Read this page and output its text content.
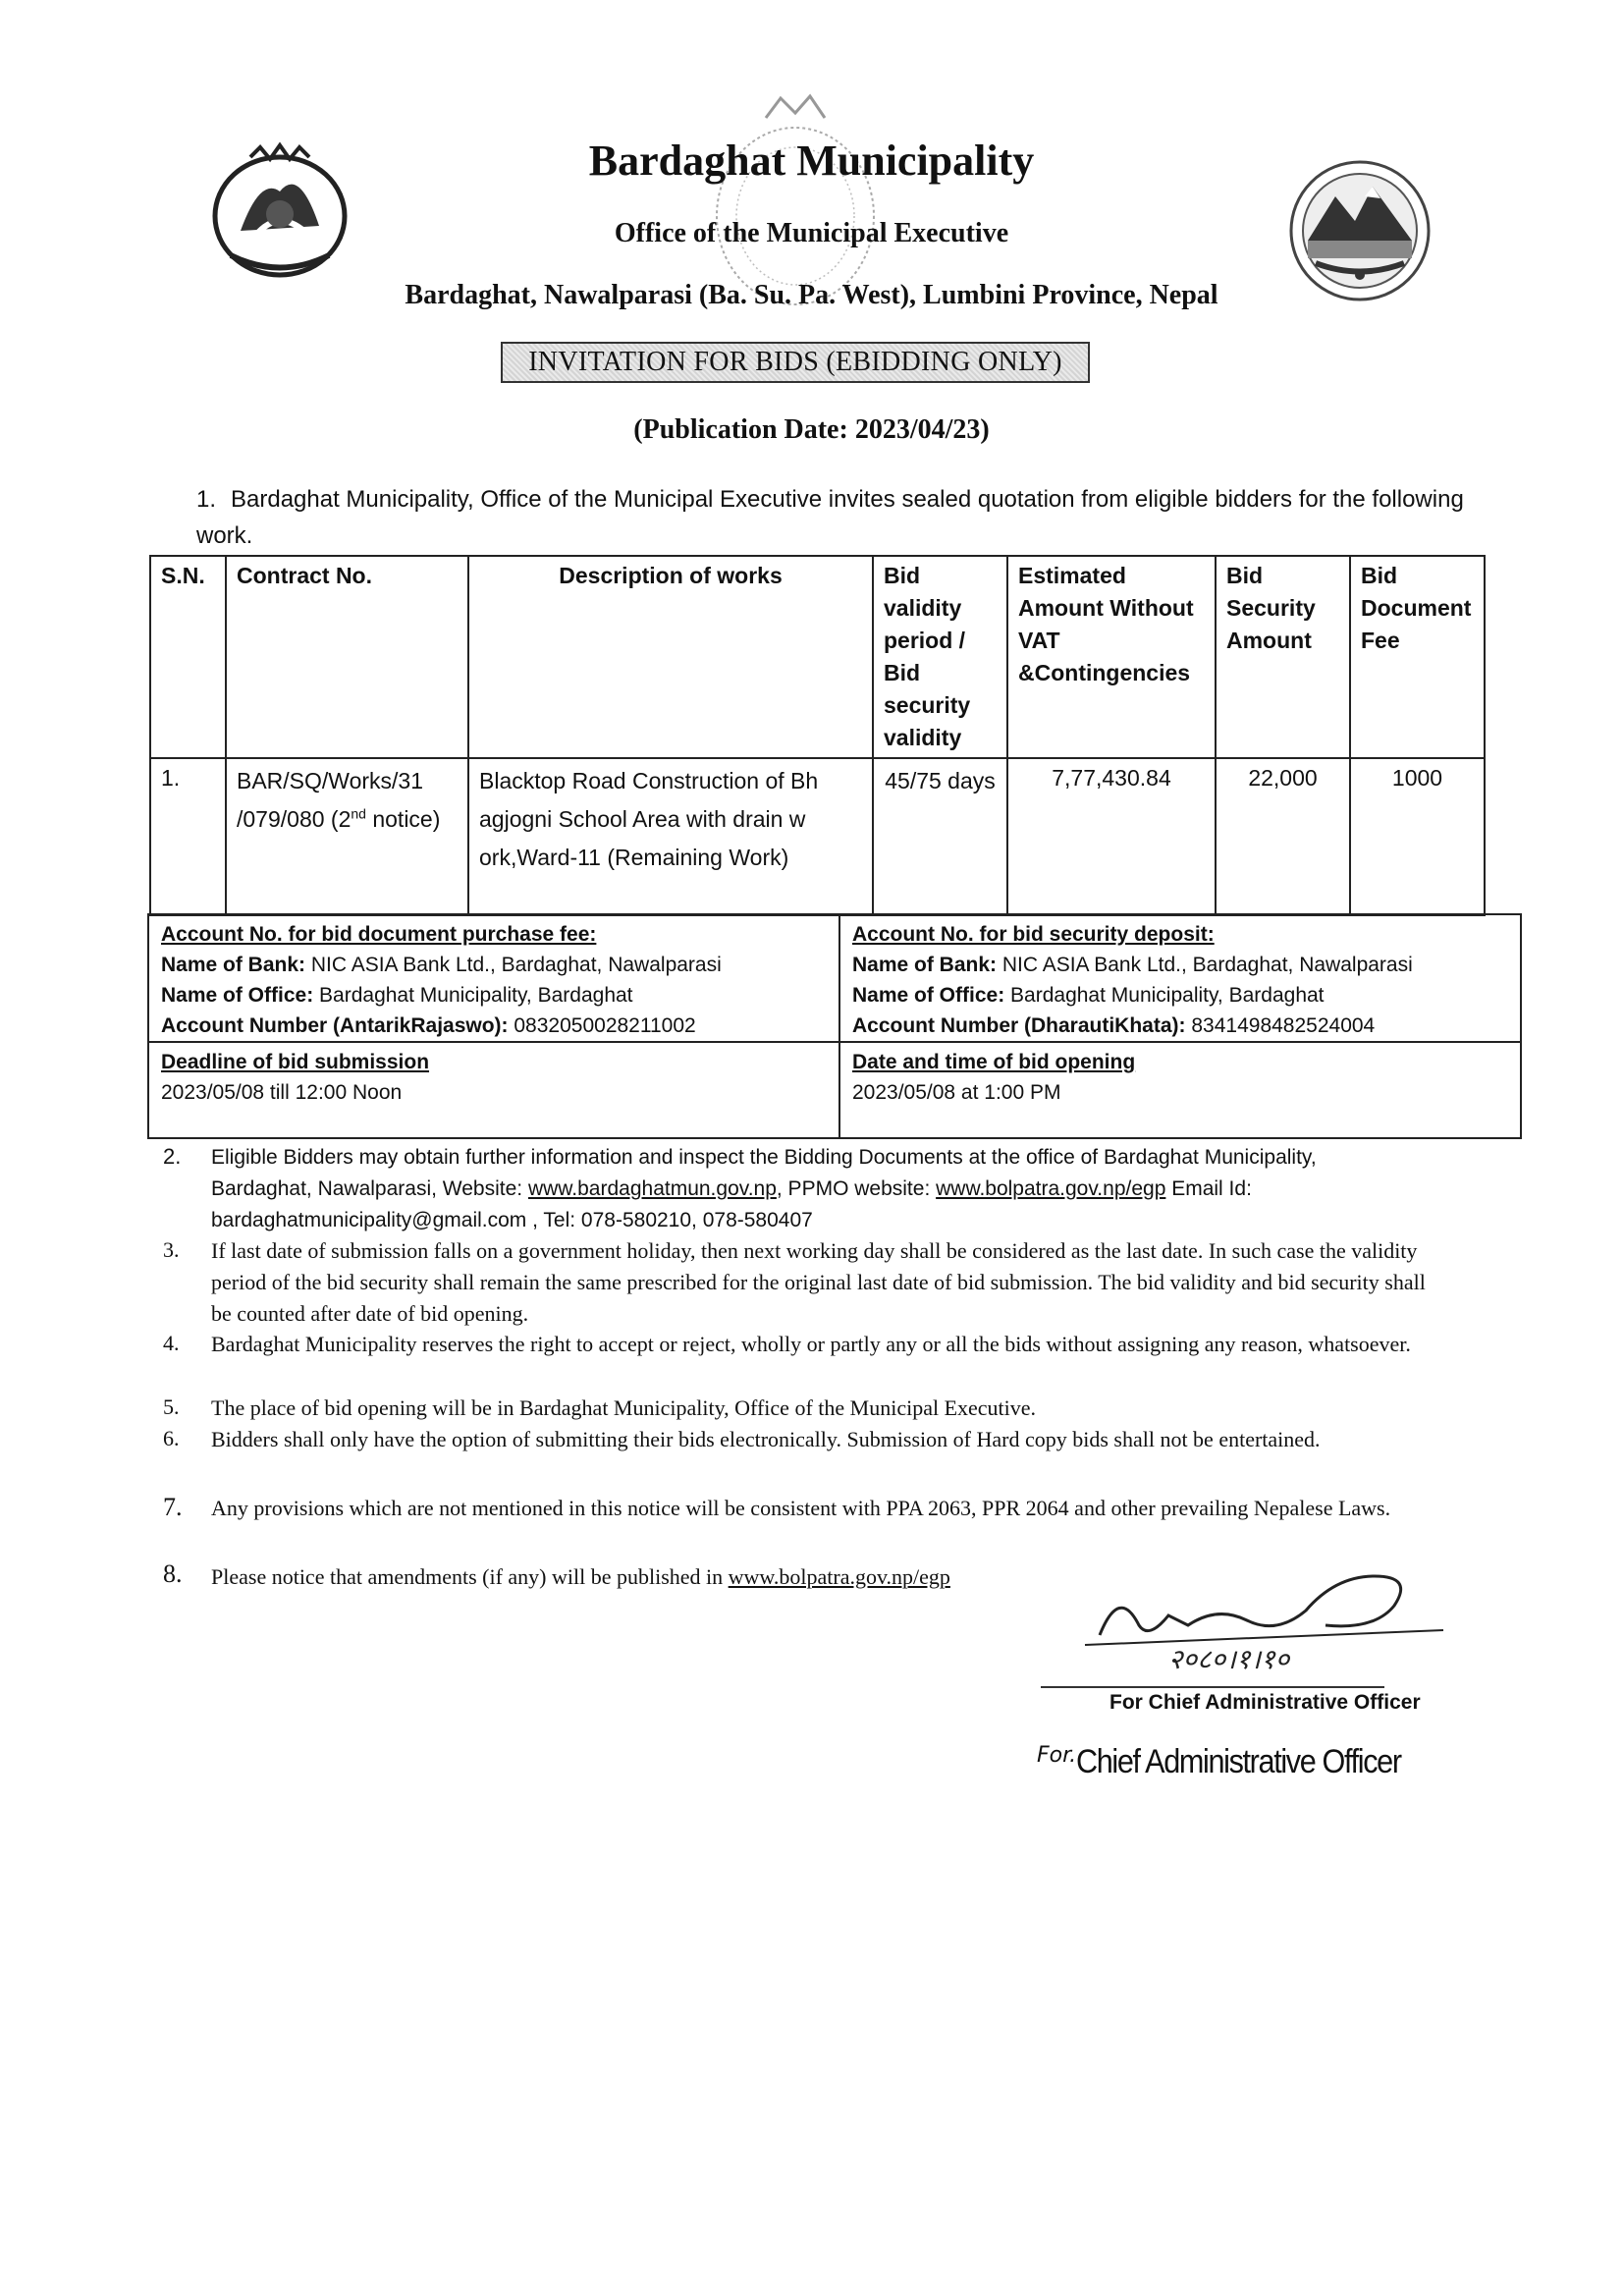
Bardaghat Municipality
Office of the Municipal Executive
Bardaghat, Nawalparasi (Ba. Su. Pa. West), Lumbini Province, Nepal
INVITATION FOR BIDS (EBIDDING ONLY)
(Publication Date: 2023/04/23)
1. Bardaghat Municipality, Office of the Municipal Executive invites sealed quotation from eligible bidders for the following work.
S.N.	Contract No.	Description of works	Bid validity period / Bid security validity	Estimated Amount Without VAT &Contingencies	Bid Security Amount	Bid Document Fee
1.	BAR/SQ/Works/31 /079/080 (2nd notice)	Blacktop Road Construction of Bh agjogni School Area with drain w ork,Ward-11 (Remaining Work)	45/75 days	7,77,430.84	22,000	1000
Account No. for bid document purchase fee:
Name of Bank: NIC ASIA Bank Ltd., Bardaghat, Nawalparasi
Name of Office: Bardaghat Municipality, Bardaghat
Account Number (AntarikRajaswo): 0832050028211002
Account No. for bid security deposit:
Name of Bank: NIC ASIA Bank Ltd., Bardaghat, Nawalparasi
Name of Office: Bardaghat Municipality, Bardaghat
Account Number (DharautiKhata): 8341498482524004
Deadline of bid submission
2023/05/08 till 12:00 Noon
Date and time of bid opening
2023/05/08 at 1:00 PM
2. Eligible Bidders may obtain further information and inspect the Bidding Documents at the office of Bardaghat Municipality,
Bardaghat, Nawalparasi, Website: www.bardaghatmun.gov.np, PPMO website: www.bolpatra.gov.np/egp Email Id:
bardaghatmunicipality@gmail.com , Tel: 078-580210, 078-580407
3. If last date of submission falls on a government holiday, then next working day shall be considered as the last date. In such case the validity period of the bid security shall remain the same prescribed for the original last date of bid submission. The bid validity and bid security shall be counted after date of bid opening.
4. Bardaghat Municipality reserves the right to accept or reject, wholly or partly any or all the bids without assigning any reason, whatsoever.
5. The place of bid opening will be in Bardaghat Municipality, Office of the Municipal Executive.
6. Bidders shall only have the option of submitting their bids electronically. Submission of Hard copy bids shall not be entertained.
7. Any provisions which are not mentioned in this notice will be consistent with PPA 2063, PPR 2064 and other prevailing Nepalese Laws.
8. Please notice that amendments (if any) will be published in www.bolpatra.gov.np/egp
२०८०।१।१०
For Chief Administrative Officer
For.Chief Administrative Officer
